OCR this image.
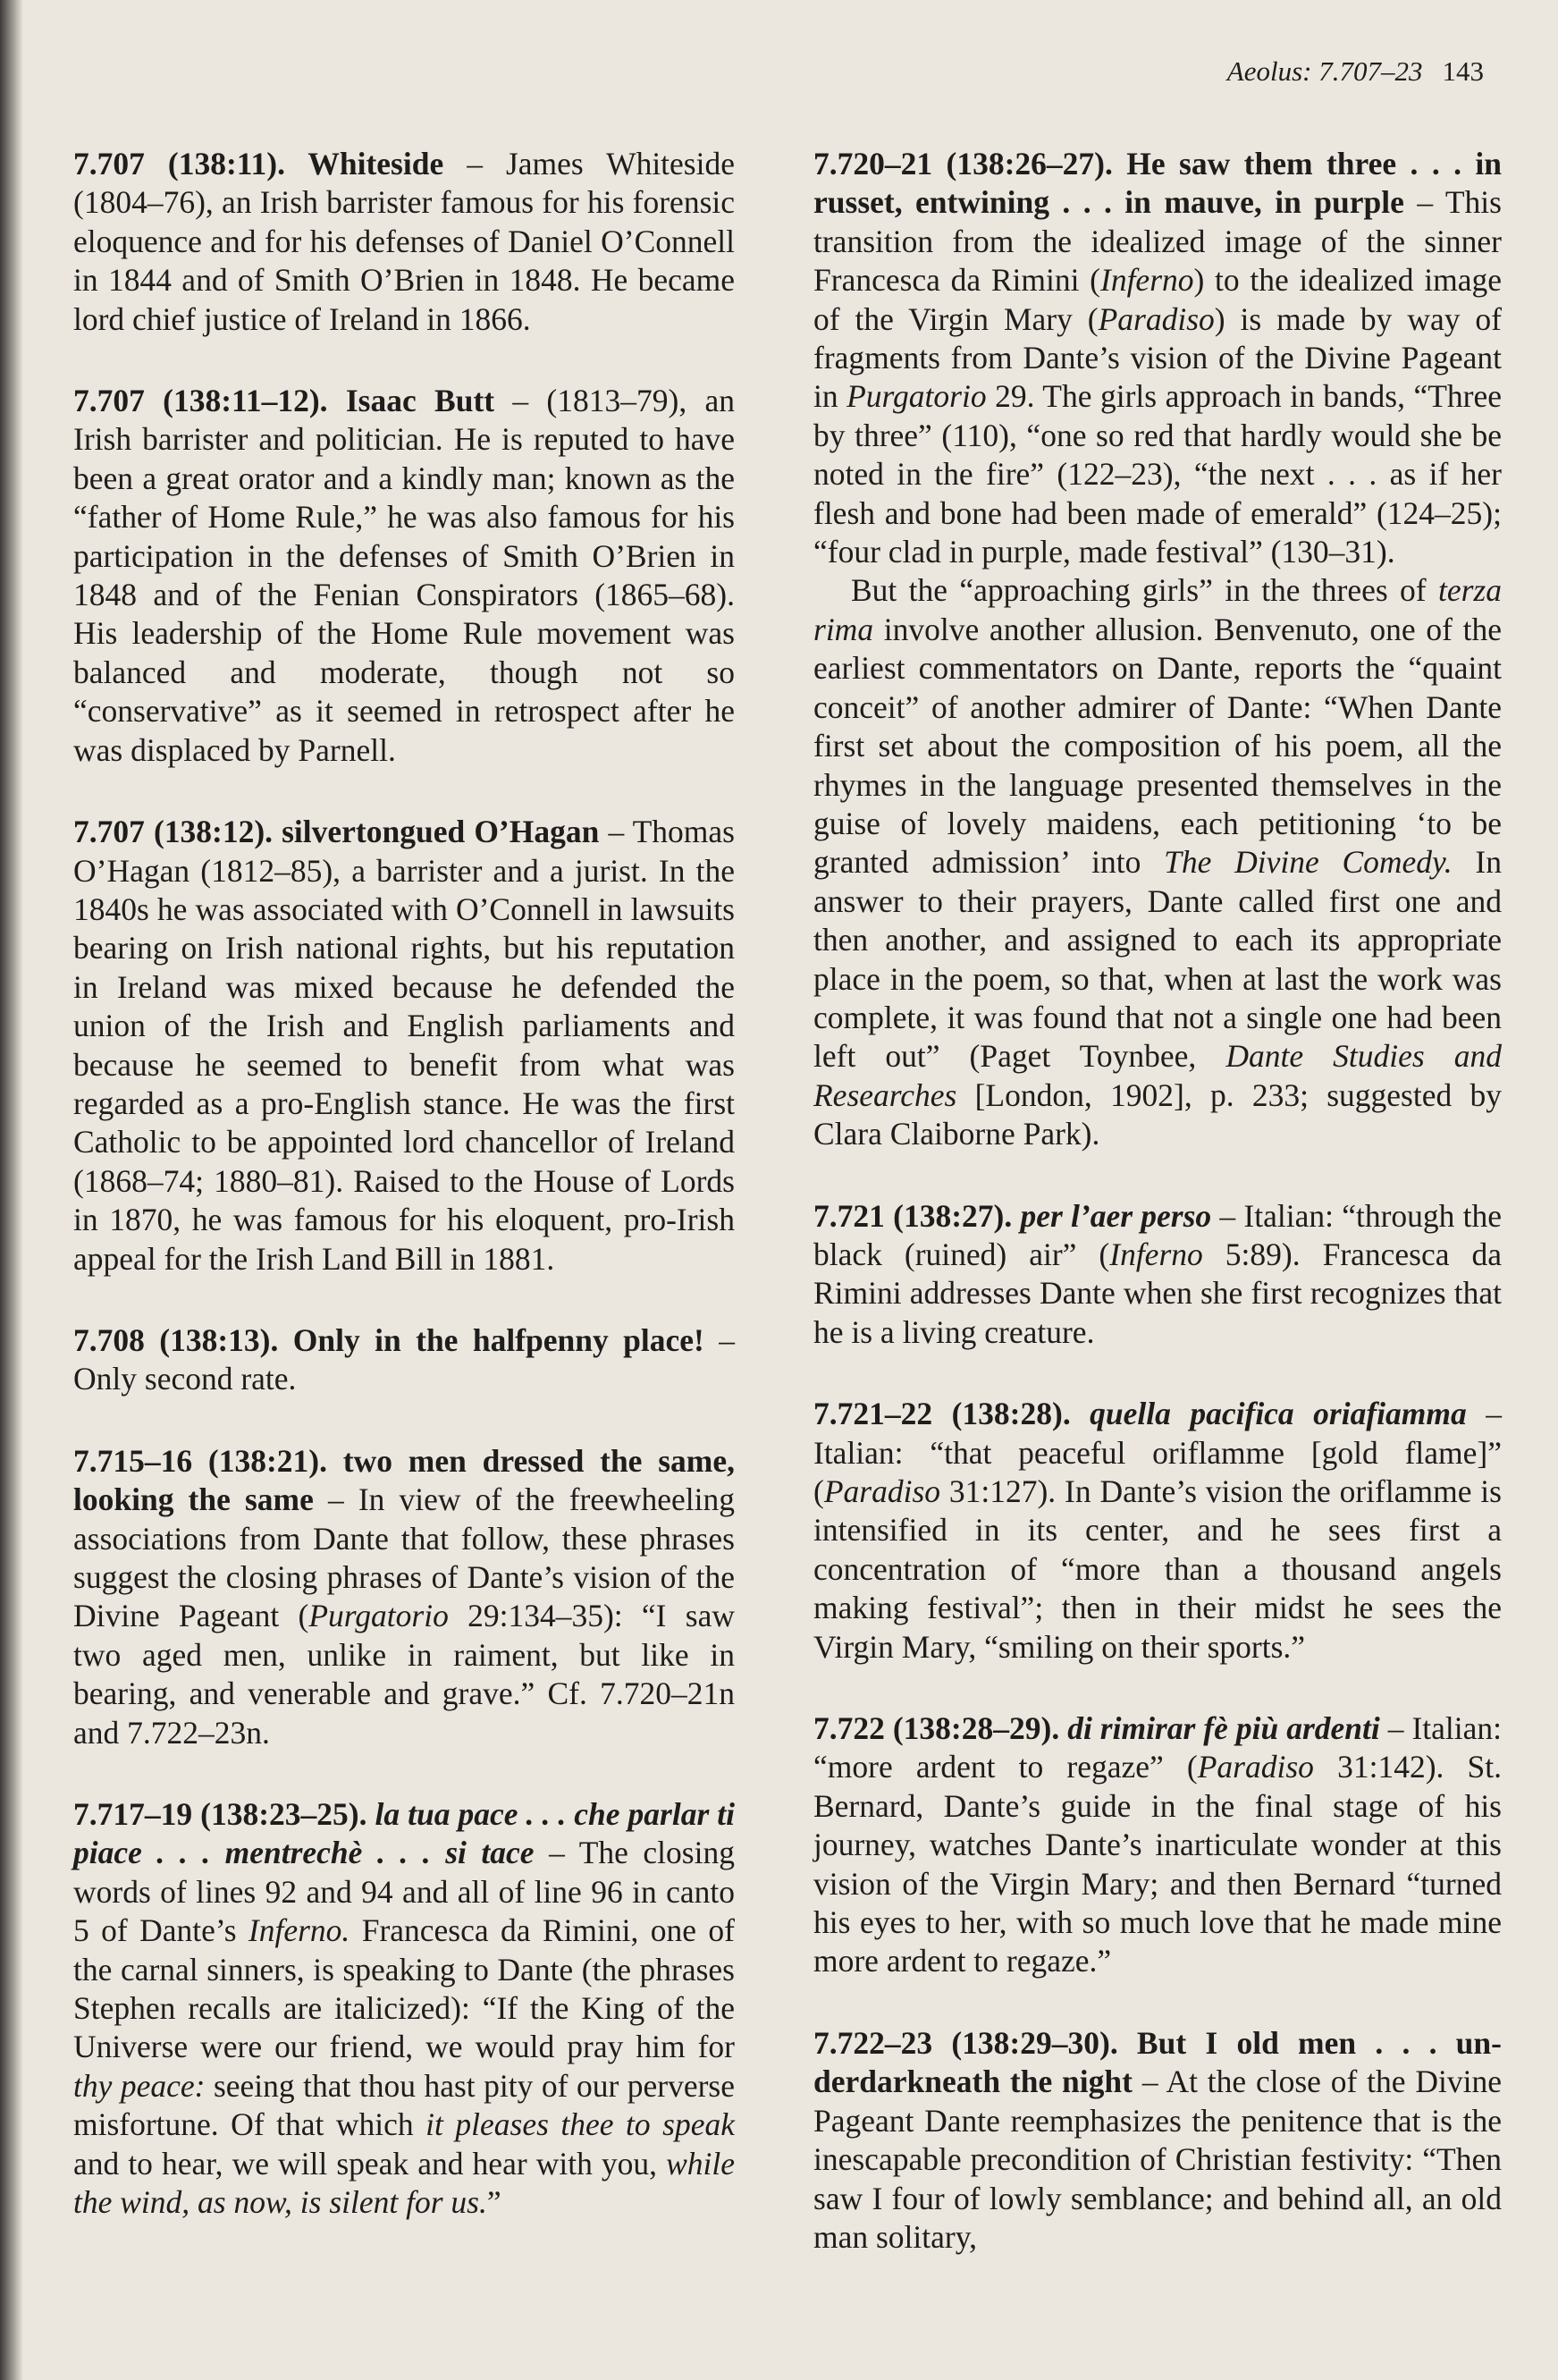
Aeolus: 7.707–23 143

7.707 (138:11). Whiteside – James Whiteside (1804–76), an Irish barrister famous for his forensic eloquence and for his defenses of Daniel O’Connell in 1844 and of Smith O’Brien in 1848. He became lord chief justice of Ireland in 1866.

7.707 (138:11–12). Isaac Butt – (1813–79), an Irish barrister and politician. He is reputed to have been a great orator and a kindly man; known as the “father of Home Rule,” he was also famous for his participation in the defenses of Smith O’Brien in 1848 and of the Fenian Conspirators (1865–68). His leadership of the Home Rule movement was balanced and moderate, though not so “conservative” as it seemed in retrospect after he was displaced by Parnell.

7.707 (138:12). silvertongued O’Hagan – Thomas O’Hagan (1812–85), a barrister and a jurist. In the 1840s he was associated with O’Connell in lawsuits bearing on Irish national rights, but his reputation in Ireland was mixed because he defended the union of the Irish and English parliaments and because he seemed to benefit from what was regarded as a pro-English stance. He was the first Catholic to be appointed lord chancellor of Ireland (1868–74; 1880–81). Raised to the House of Lords in 1870, he was famous for his eloquent, pro-Irish appeal for the Irish Land Bill in 1881.

7.708 (138:13). Only in the halfpenny place! – Only second rate.

7.715–16 (138:21). two men dressed the same, looking the same – In view of the freewheeling associations from Dante that follow, these phrases suggest the closing phrases of Dante’s vision of the Divine Pageant (Purgatorio 29:134–35): “I saw two aged men, unlike in raiment, but like in bearing, and venerable and grave.” Cf. 7.720–21n and 7.722–23n.

7.717–19 (138:23–25). la tua pace . . . che parlar ti piace . . . mentrechè . . . si tace – The closing words of lines 92 and 94 and all of line 96 in canto 5 of Dante’s Inferno. Francesca da Rimini, one of the carnal sinners, is speaking to Dante (the phrases Stephen recalls are italicized): “If the King of the Universe were our friend, we would pray him for thy peace: seeing that thou hast pity of our perverse misfortune. Of that which it pleases thee to speak and to hear, we will speak and hear with you, while the wind, as now, is silent for us.”

7.720–21 (138:26–27). He saw them three . . . in russet, entwining . . . in mauve, in purple – This transition from the idealized image of the sinner Francesca da Rimini (Inferno) to the idealized image of the Virgin Mary (Paradiso) is made by way of fragments from Dante’s vision of the Divine Pageant in Purgatorio 29. The girls approach in bands, “Three by three” (110), “one so red that hardly would she be noted in the fire” (122–23), “the next . . . as if her flesh and bone had been made of emerald” (124–25); “four clad in purple, made festival” (130–31).

But the “approaching girls” in the threes of terza rima involve another allusion. Benvenuto, one of the earliest commentators on Dante, reports the “quaint conceit” of another admirer of Dante: “When Dante first set about the composition of his poem, all the rhymes in the language presented themselves in the guise of lovely maidens, each petitioning ‘to be granted admission’ into The Divine Comedy. In answer to their prayers, Dante called first one and then another, and assigned to each its appropriate place in the poem, so that, when at last the work was complete, it was found that not a single one had been left out” (Paget Toynbee, Dante Studies and Researches [London, 1902], p. 233; suggested by Clara Claiborne Park).

7.721 (138:27). per l’aer perso – Italian: “through the black (ruined) air” (Inferno 5:89). Francesca da Rimini addresses Dante when she first recognizes that he is a living creature.

7.721–22 (138:28). quella pacifica oriafiamma – Italian: “that peaceful oriflamme [gold flame]” (Paradiso 31:127). In Dante’s vision the oriflamme is intensified in its center, and he sees first a concentration of “more than a thousand angels making festival”; then in their midst he sees the Virgin Mary, “smiling on their sports.”

7.722 (138:28–29). di rimirar fè più ardenti – Italian: “more ardent to regaze” (Paradiso 31:142). St. Bernard, Dante’s guide in the final stage of his journey, watches Dante’s inarticulate wonder at this vision of the Virgin Mary; and then Bernard “turned his eyes to her, with so much love that he made mine more ardent to regaze.”

7.722–23 (138:29–30). But I old men . . . underdarkneath the night – At the close of the Divine Pageant Dante reemphasizes the penitence that is the inescapable precondition of Christian festivity: “Then saw I four of lowly semblance; and behind all, an old man solitary,
